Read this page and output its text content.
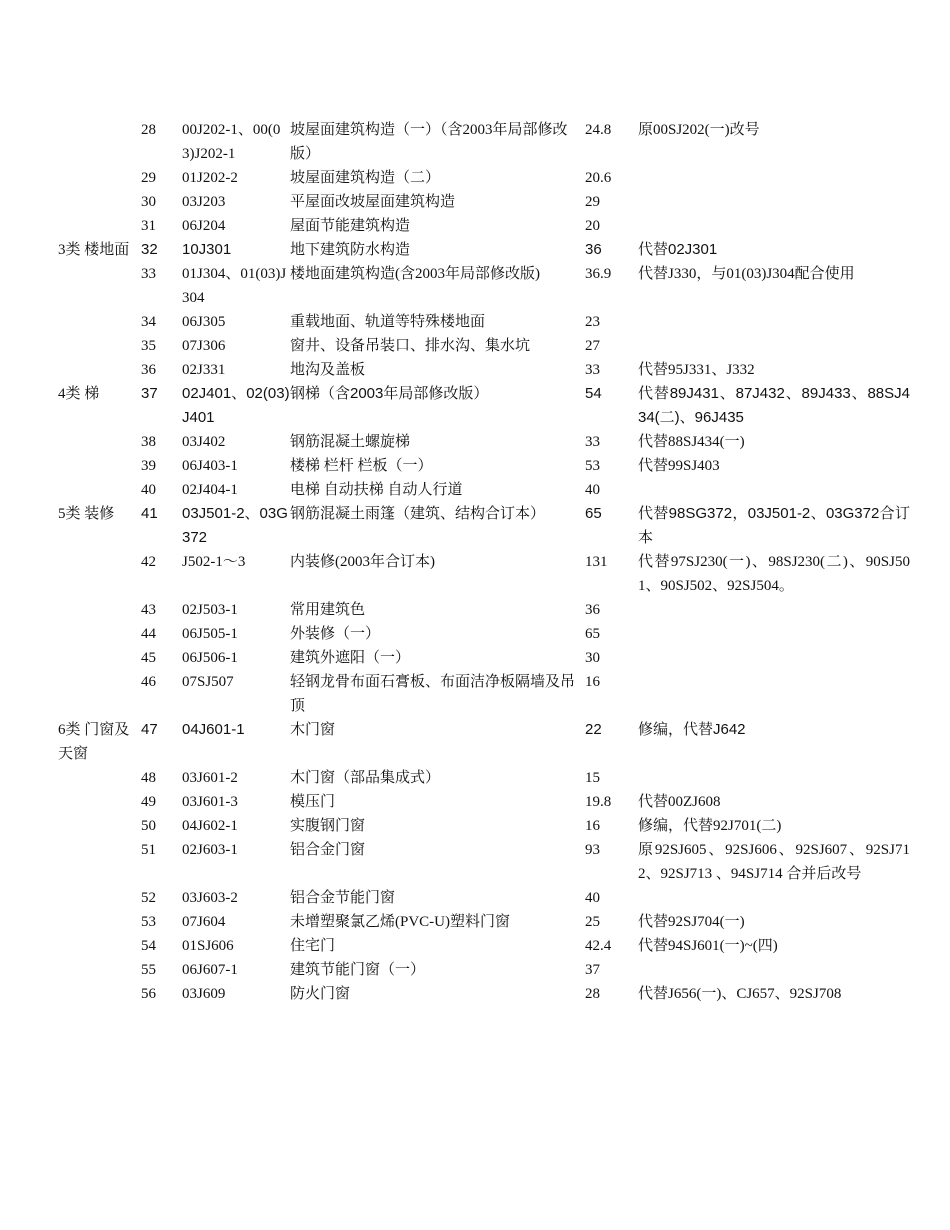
	28	00J202-1、00(03)J202-1	坡屋面建筑构造（一）（含2003年局部修改版）	24.8	原00SJ202(一)改号
	29	01J202-2	坡屋面建筑构造（二）	20.6	
	30	03J203	平屋面改坡屋面建筑构造	29	
	31	06J204	屋面节能建筑构造	20	
3类 楼地面	32	10J301	地下建筑防水构造	36	代替02J301
	33	01J304、01(03)J304	楼地面建筑构造(含2003年局部修改版)	36.9	代替J330，与01(03)J304配合使用
	34	06J305	重载地面、轨道等特殊楼地面	23	
	35	07J306	窗井、设备吊装口、排水沟、集水坑	27	
	36	02J331	地沟及盖板	33	代替95J331、J332
4类 梯	37	02J401、02(03)J401	钢梯（含2003年局部修改版）	54	代替89J431、87J432、89J433、88SJ434(二)、96J435
	38	03J402	钢筋混凝土螺旋梯	33	代替88SJ434(一)
	39	06J403-1	楼梯 栏杆 栏板（一）	53	代替99SJ403
	40	02J404-1	电梯 自动扶梯 自动人行道	40	
5类 装修	41	03J501-2、03G372	钢筋混凝土雨篷（建筑、结构合订本）	65	代替98SG372，03J501-2、03G372合订本
	42	J502-1～3	内装修(2003年合订本)	131	代替97SJ230(一)、98SJ230(二)、90SJ501、90SJ502、92SJ504。
	43	02J503-1	常用建筑色	36	
	44	06J505-1	外装修（一）	65	
	45	06J506-1	建筑外遮阳（一）	30	
	46	07SJ507	轻钢龙骨布面石膏板、布面洁净板隔墙及吊顶	16	
6类 门窗及天窗	47	04J601-1	木门窗	22	修编，代替J642
	48	03J601-2	木门窗（部品集成式）	15	
	49	03J601-3	模压门	19.8	代替00ZJ608
	50	04J602-1	实腹钢门窗	16	修编，代替92J701(二)
	51	02J603-1	铝合金门窗	93	原92SJ605、92SJ606、92SJ607、92SJ712、92SJ713 、94SJ714 合并后改号
	52	03J603-2	铝合金节能门窗	40	
	53	07J604	未增塑聚氯乙烯(PVC-U)塑料门窗	25	代替92SJ704(一)
	54	01SJ606	住宅门	42.4	代替94SJ601(一)~(四)
	55	06J607-1	建筑节能门窗（一）	37	
	56	03J609	防火门窗	28	代替J656(一)、CJ657、92SJ708
